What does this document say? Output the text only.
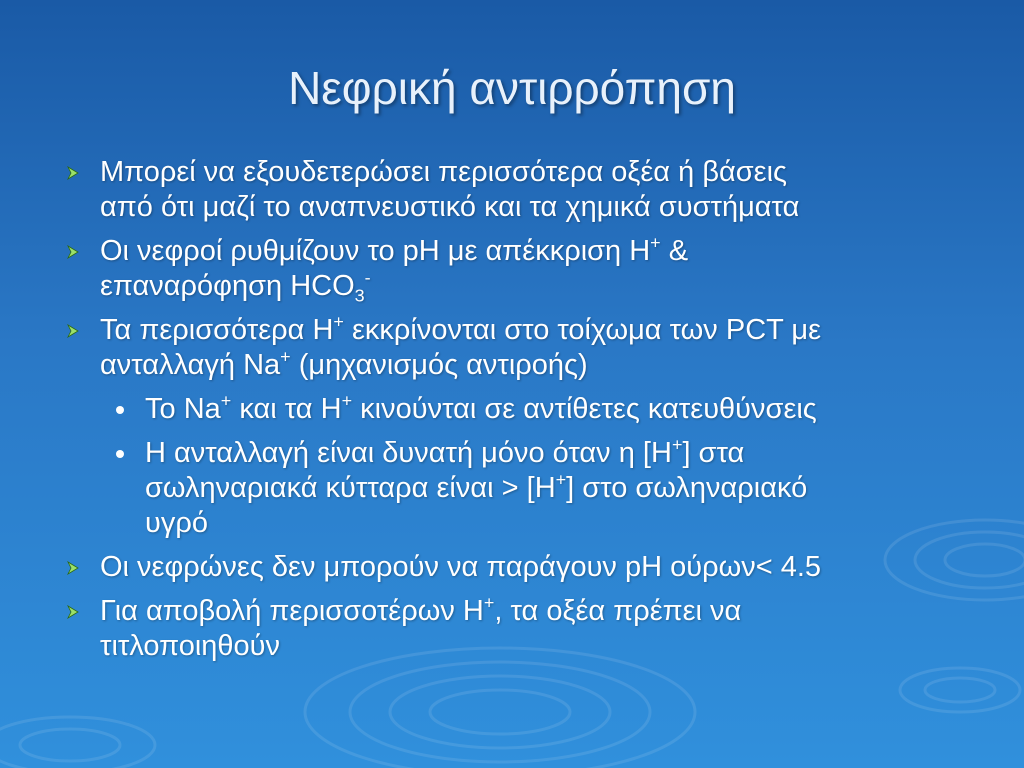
Νεφρική αντιρρόπηση
Μπορεί να εξουδετερώσει περισσότερα οξέα ή βάσεις
από ότι μαζί το αναπνευστικό και τα χημικά συστήματα
Οι νεφροί ρυθμίζουν το pH με απέκκριση H+ &
επαναρόφηση $HCO_3^-$
Τα περισσότερα H+ εκκρίνονται στο τοίχωμα των PCT με
ανταλλαγή Na+ (μηχανισμός αντιροής)
Το Na+ και τα H+ κινούνται σε αντίθετες κατευθύνσεις
Η ανταλλαγή είναι δυνατή μόνο όταν η [H+] στα
σωληναριακά κύτταρα είναι > [H+] στο σωληναριακό
υγρό
Οι νεφρώνες δεν μπορούν να παράγουν pH ούρων< 4.5
Για αποβολή περισσοτέρων H+, τα οξέα πρέπει να
τιτλοποιηθούν
